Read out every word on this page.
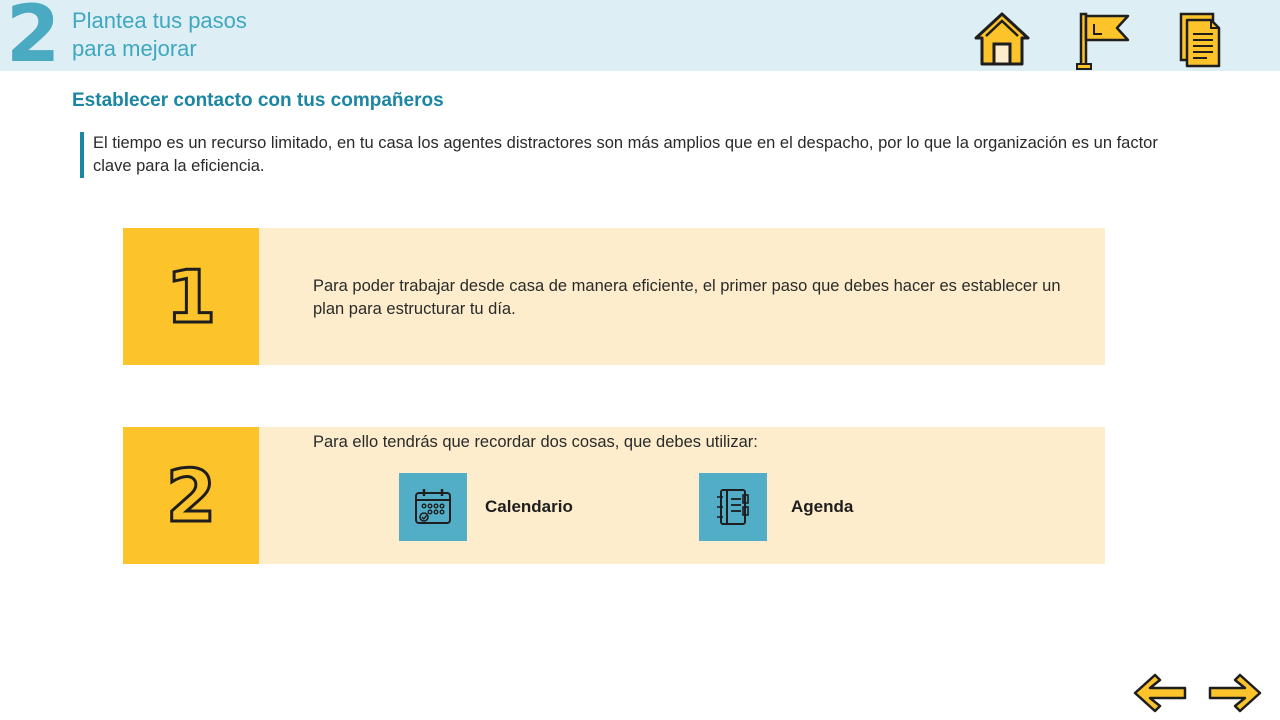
2 Plantea tus pasos
para mejorar
Establecer contacto con tus compañeros
El tiempo es un recurso limitado, en tu casa los agentes distractores son más amplios que en el despacho, por lo que la organización es un factor clave para la eficiencia.
1	Para poder trabajar desde casa de manera eficiente, el primer paso que debes hacer es establecer un plan para estructurar tu día.
2
Para ello tendrás que recordar dos cosas, que debes utilizar:
Calendario	Agenda
